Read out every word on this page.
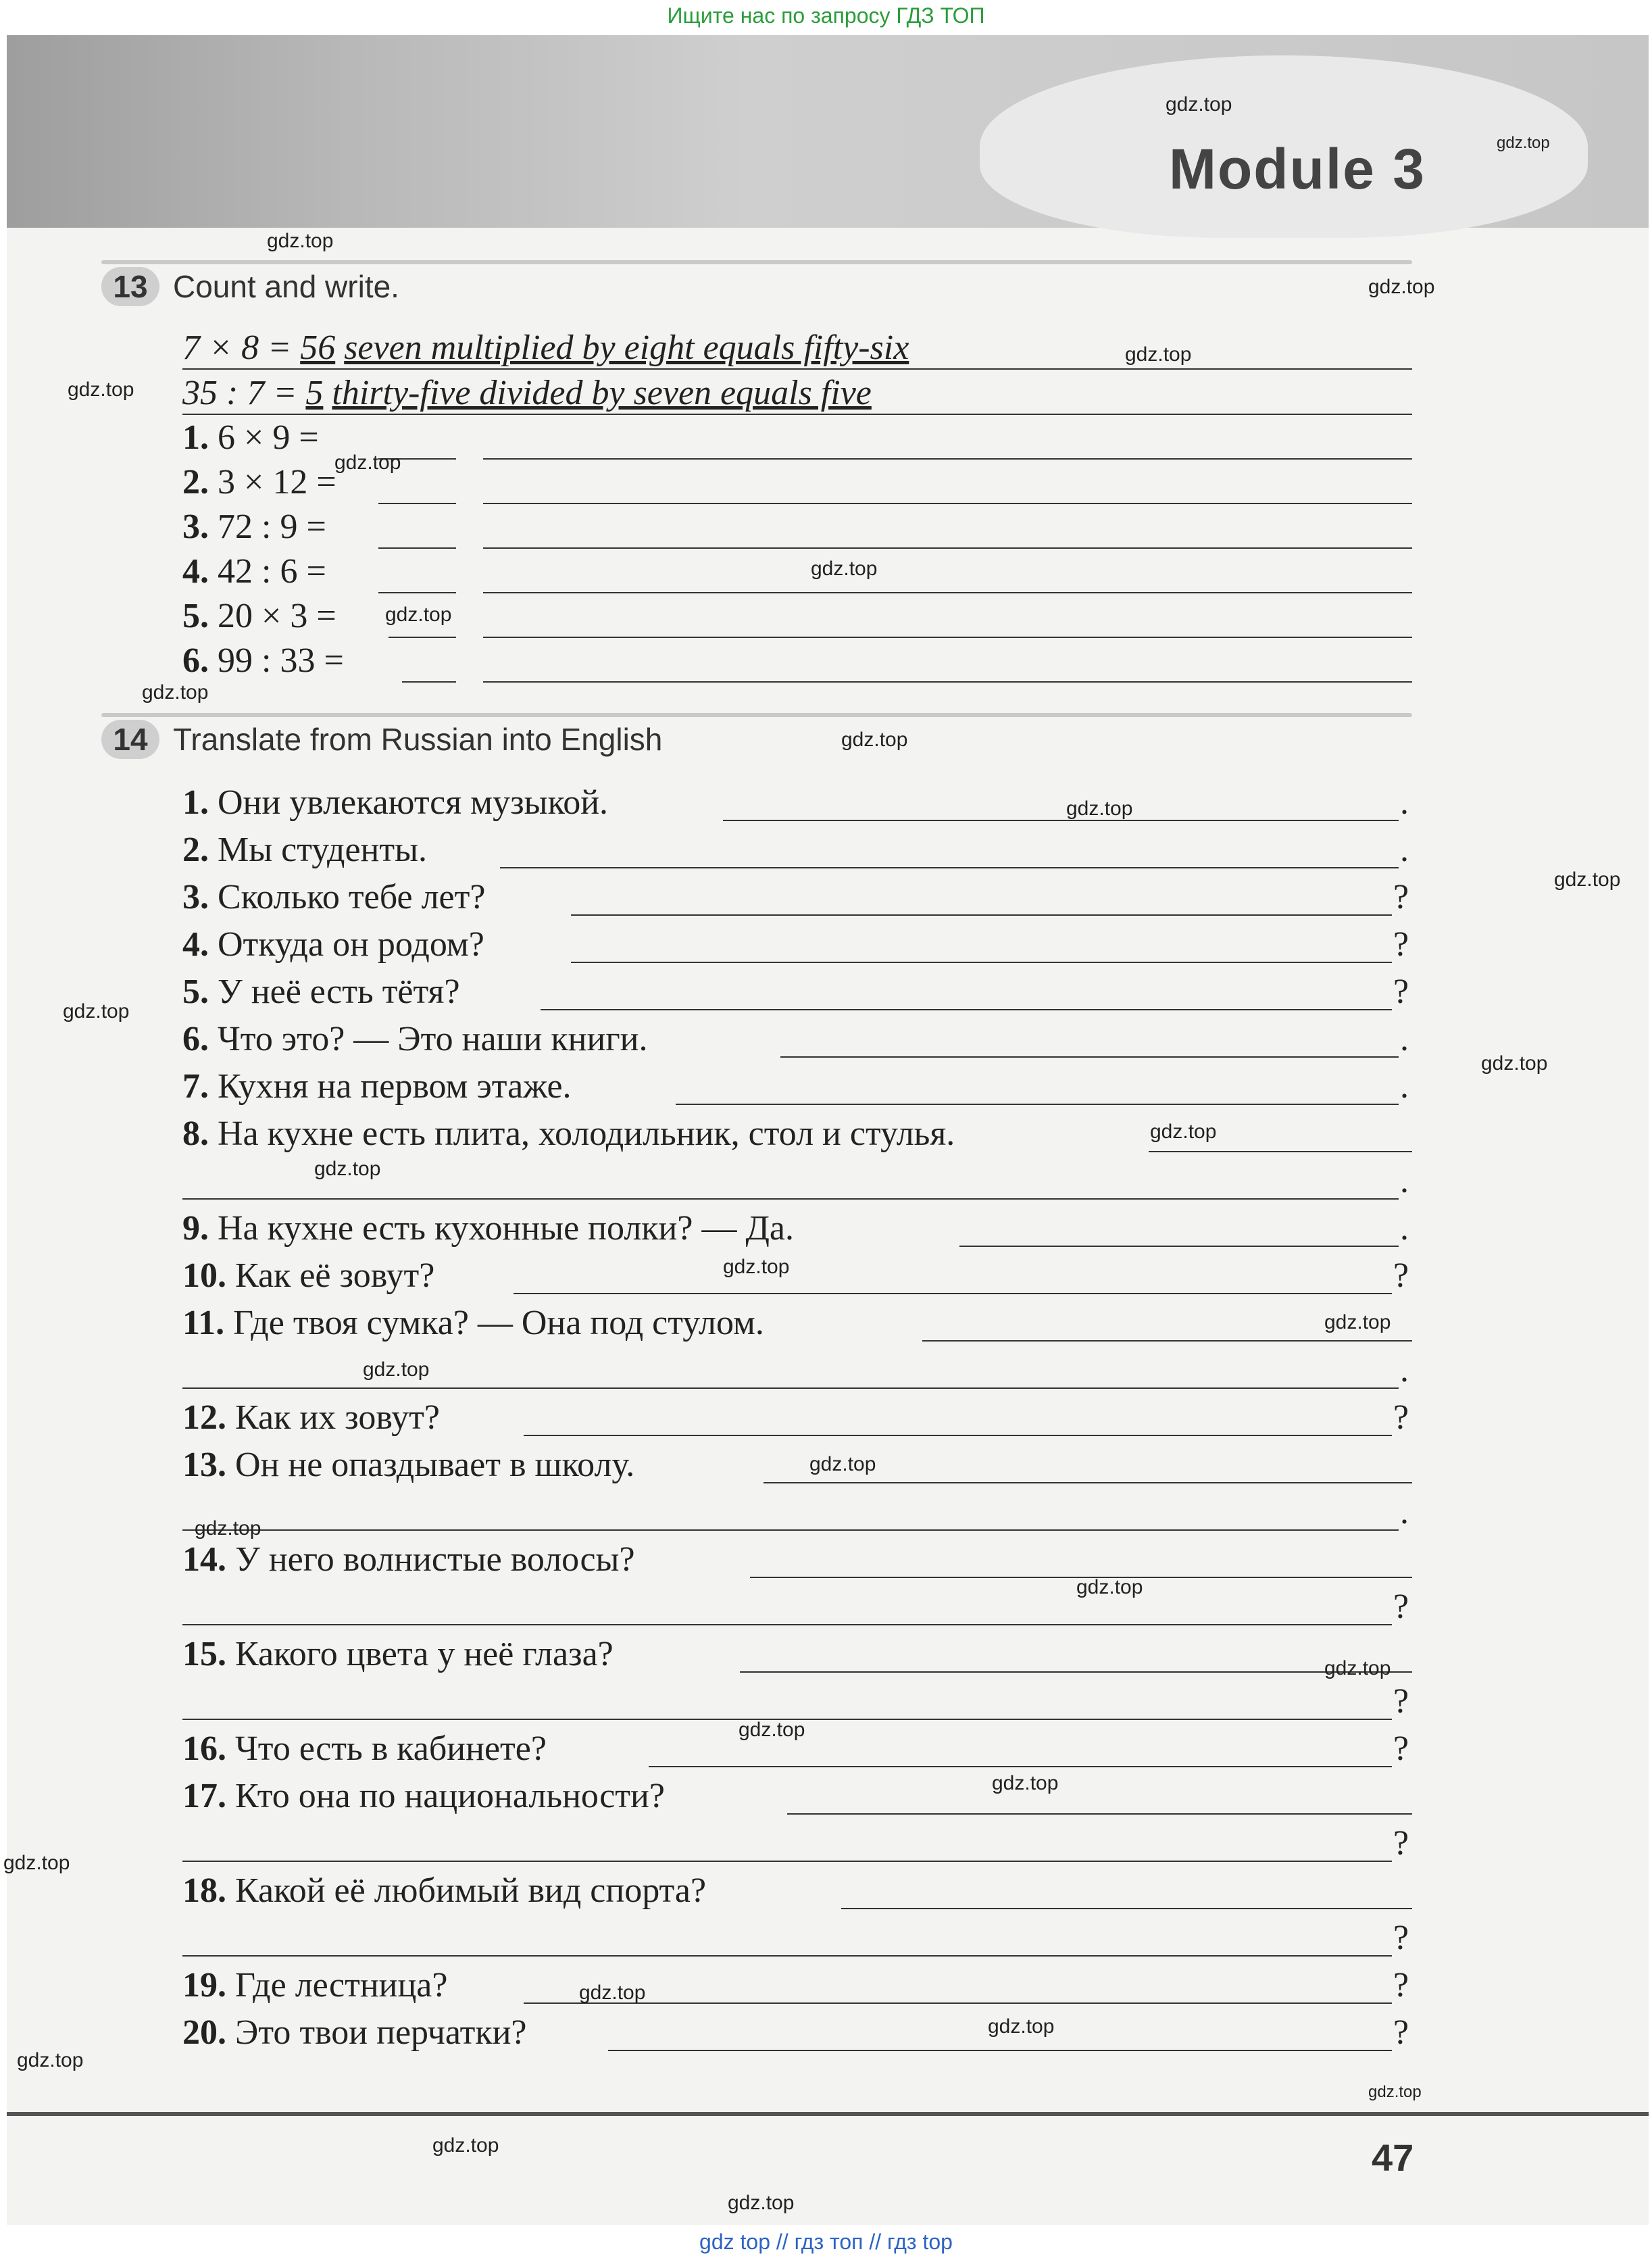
Ищите нас по запросу ГДЗ ТОП
Module 3
13 Count and write.
7 × 8 = 56 seven multiplied by eight equals fifty-six
35 : 7 = 5 thirty-five divided by seven equals five
1. 6 × 9 =
2. 3 × 12 =
3. 72 : 9 =
4. 42 : 6 =
5. 20 × 3 =
6. 99 : 33 =
14 Translate from Russian into English
1. Они увлекаются музыкой.	.
2. Мы студенты.	.
3. Сколько тебе лет?	?
4. Откуда он родом?	?
5. У неё есть тётя?	?
6. Что это? — Это наши книги.	.
7. Кухня на первом этаже.	.
8. На кухне есть плита, холодильник, стол и стулья.
.
9. На кухне есть кухонные полки? — Да.	.
10. Как её зовут?	?
11. Где твоя сумка? — Она под стулом.
.
12. Как их зовут?	?
13. Он не опаздывает в школу.
.
14. У него волнистые волосы?
?
15. Какого цвета у неё глаза?
?
16. Что есть в кабинете?	?
17. Кто она по национальности?
?
18. Какой её любимый вид спорта?
?
19. Где лестница?	?
20. Это твои перчатки?	?
gdz.top
gdz.top
gdz.top
gdz.top
gdz.top
gdz.top
gdz.top
gdz.top
gdz.top
gdz.top
gdz.top
gdz.top
gdz.top
gdz.top
gdz.top
gdz.top
gdz.top
gdz.top
gdz.top
gdz.top
gdz.top
gdz.top
gdz.top
gdz.top
gdz.top
gdz.top
gdz.top
gdz.top
gdz.top
gdz.top
gdz.top
gdz.top
gdz.top
47
gdz top // гдз топ // гдз top
